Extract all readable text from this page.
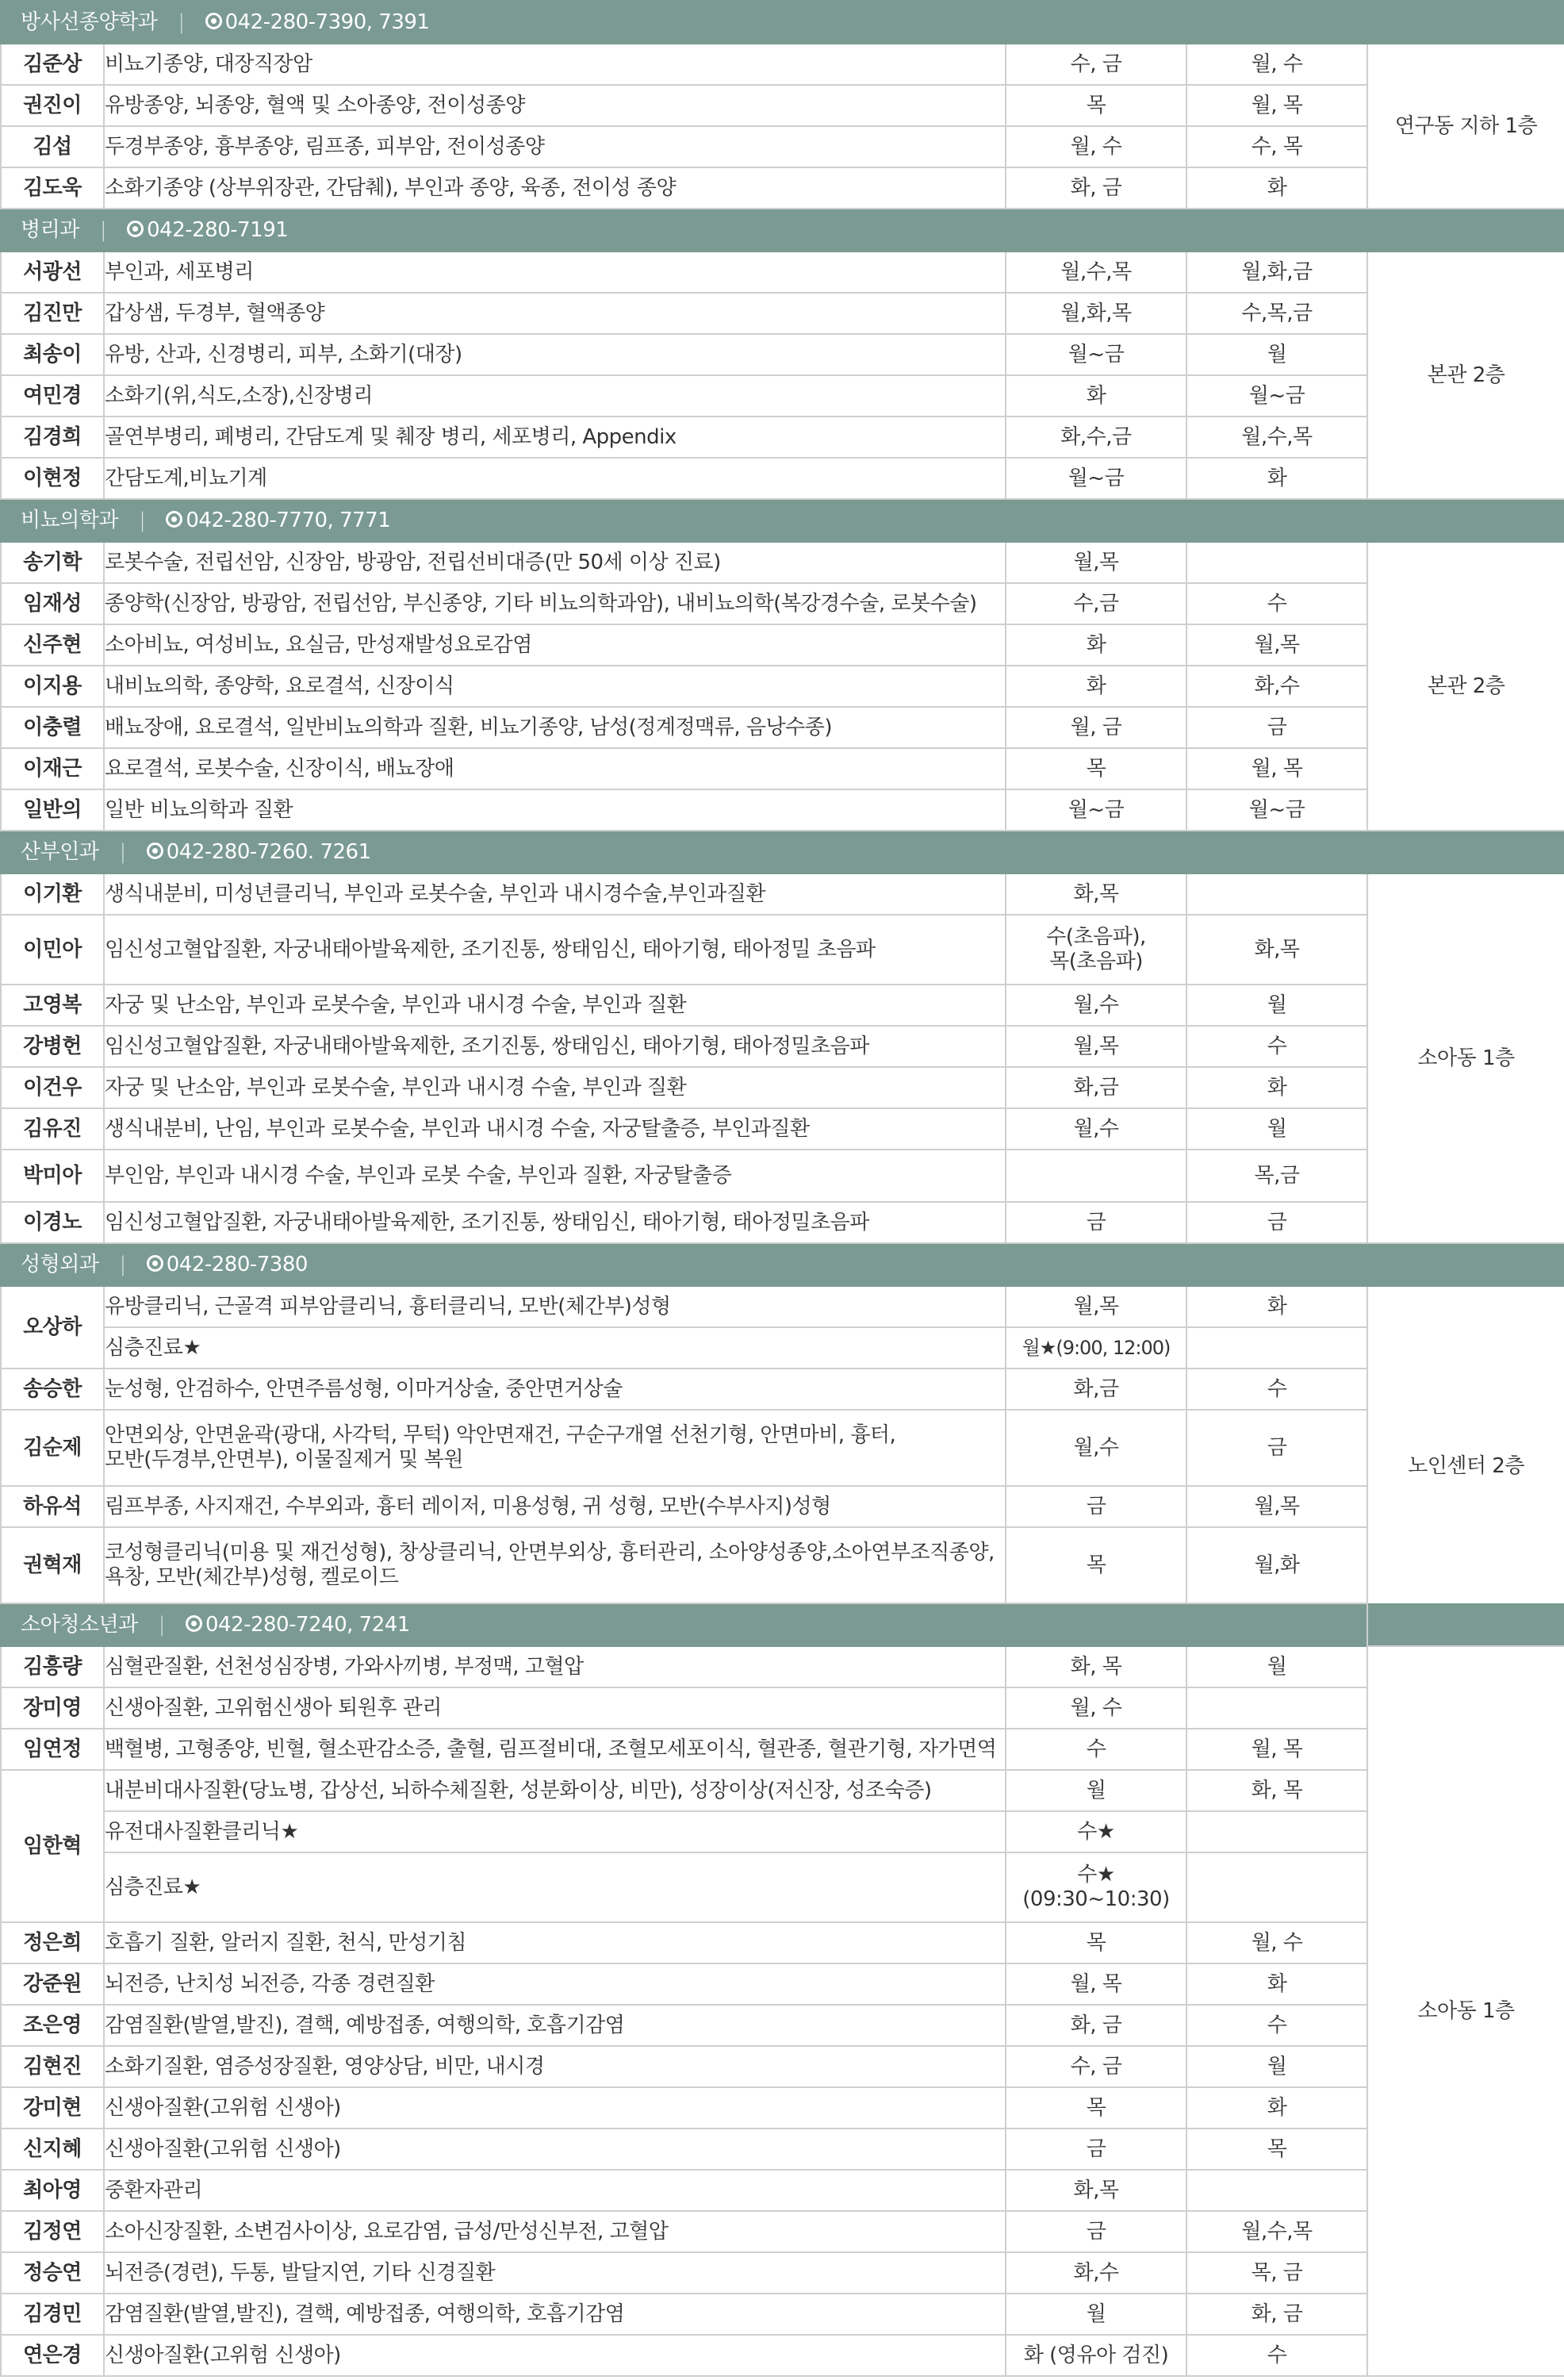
방사선종양학과 | 042-280-7390, 7391				
김준상	비뇨기종양, 대장직장암	수, 금	월, 수	연구동 지하 1층
권진이	유방종양, 뇌종양, 혈액 및 소아종양, 전이성종양	목	월, 목	
김섭	두경부종양, 흉부종양, 림프종, 피부암, 전이성종양	월, 수	수, 목	
김도욱	소화기종양 (상부위장관, 간담췌), 부인과 종양, 육종, 전이성 종양	화, 금	화	
병리과 | 042-280-7191				
서광선	부인과, 세포병리	월,수,목	월,화,금	본관 2층
김진만	갑상샘, 두경부, 혈액종양	월,화,목	수,목,금	
최송이	유방, 산과, 신경병리, 피부, 소화기(대장)	월~금	월	
여민경	소화기(위,식도,소장),신장병리	화	월~금	
김경희	골연부병리, 폐병리, 간담도계 및 췌장 병리, 세포병리, Appendix	화,수,금	월,수,목	
이현정	간담도계,비뇨기계	월~금	화	
비뇨의학과 | 042-280-7770, 7771				
송기학	로봇수술, 전립선암, 신장암, 방광암, 전립선비대증(만 50세 이상 진료)	월,목		본관 2층
임재성	종양학(신장암, 방광암, 전립선암, 부신종양, 기타 비뇨의학과암), 내비뇨의학(복강경수술, 로봇수술)	수,금	수	
신주현	소아비뇨, 여성비뇨, 요실금, 만성재발성요로감염	화	월,목	
이지용	내비뇨의학, 종양학, 요로결석, 신장이식	화	화,수	
이충렬	배뇨장애, 요로결석, 일반비뇨의학과 질환, 비뇨기종양, 남성(정계정맥류, 음낭수종)	월, 금	금	
이재근	요로결석, 로봇수술, 신장이식, 배뇨장애	목	월, 목	
일반의	일반 비뇨의학과 질환	월~금	월~금	
산부인과 | 042-280-7260. 7261				
이기환	생식내분비, 미성년클리닉, 부인과 로봇수술, 부인과 내시경수술,부인과질환	화,목		소아동 1층
이민아	임신성고혈압질환, 자궁내태아발육제한, 조기진통, 쌍태임신, 태아기형, 태아정밀 초음파	수(초음파),
목(초음파)	화,목	
고영복	자궁 및 난소암, 부인과 로봇수술, 부인과 내시경 수술, 부인과 질환	월,수	월	
강병헌	임신성고혈압질환, 자궁내태아발육제한, 조기진통, 쌍태임신, 태아기형, 태아정밀초음파	월,목	수	
이건우	자궁 및 난소암, 부인과 로봇수술, 부인과 내시경 수술, 부인과 질환	화,금	화	
김유진	생식내분비, 난임, 부인과 로봇수술, 부인과 내시경 수술, 자궁탈출증, 부인과질환	월,수	월	
박미아	부인암, 부인과 내시경 수술, 부인과 로봇 수술, 부인과 질환, 자궁탈출증		목,금	
이경노	임신성고혈압질환, 자궁내태아발육제한, 조기진통, 쌍태임신, 태아기형, 태아정밀초음파	금	금	
성형외과 | 042-280-7380				
오상하	유방클리닉, 근골격 피부암클리닉, 흉터클리닉, 모반(체간부)성형	월,목	화	노인센터 2층
	심층진료★	월★(9:00, 12:00)		
송승한	눈성형, 안검하수, 안면주름성형, 이마거상술, 중안면거상술	화,금	수	
김순제	안면외상, 안면윤곽(광대, 사각턱, 무턱) 악안면재건, 구순구개열 선천기형, 안면마비, 흉터,
모반(두경부,안면부), 이물질제거 및 복원	월,수	금	
하유석	림프부종, 사지재건, 수부외과, 흉터 레이저, 미용성형, 귀 성형, 모반(수부사지)성형	금	월,목	
권혁재	코성형클리닉(미용 및 재건성형), 창상클리닉, 안면부외상, 흉터관리, 소아양성종양,소아연부조직종양,
욕창, 모반(체간부)성형, 켈로이드	목	월,화	
소아청소년과 | 042-280-7240, 7241				
김흥량	심혈관질환, 선천성심장병, 가와사끼병, 부정맥, 고혈압	화, 목	월	소아동 1층
장미영	신생아질환, 고위험신생아 퇴원후 관리	월, 수		
임연정	백혈병, 고형종양, 빈혈, 혈소판감소증, 출혈, 림프절비대, 조혈모세포이식, 혈관종, 혈관기형, 자가면역	수	월, 목	
임한혁	내분비대사질환(당뇨병, 갑상선, 뇌하수체질환, 성분화이상, 비만), 성장이상(저신장, 성조숙증)	월	화, 목	
	유전대사질환클리닉★	수★		
	심층진료★	수★
(09:30~10:30)		
정은희	호흡기 질환, 알러지 질환, 천식, 만성기침	목	월, 수	
강준원	뇌전증, 난치성 뇌전증, 각종 경련질환	월, 목	화	
조은영	감염질환(발열,발진), 결핵, 예방접종, 여행의학, 호흡기감염	화, 금	수	
김현진	소화기질환, 염증성장질환, 영양상담, 비만, 내시경	수, 금	월	
강미현	신생아질환(고위험 신생아)	목	화	
신지혜	신생아질환(고위험 신생아)	금	목	
최아영	중환자관리	화,목		
김정연	소아신장질환, 소변검사이상, 요로감염, 급성/만성신부전, 고혈압	금	월,수,목	
정승연	뇌전증(경련), 두통, 발달지연, 기타 신경질환	화,수	목, 금	
김경민	감염질환(발열,발진), 결핵, 예방접종, 여행의학, 호흡기감염	월	화, 금	
연은경	신생아질환(고위험 신생아)	화 (영유아 검진)	수	
